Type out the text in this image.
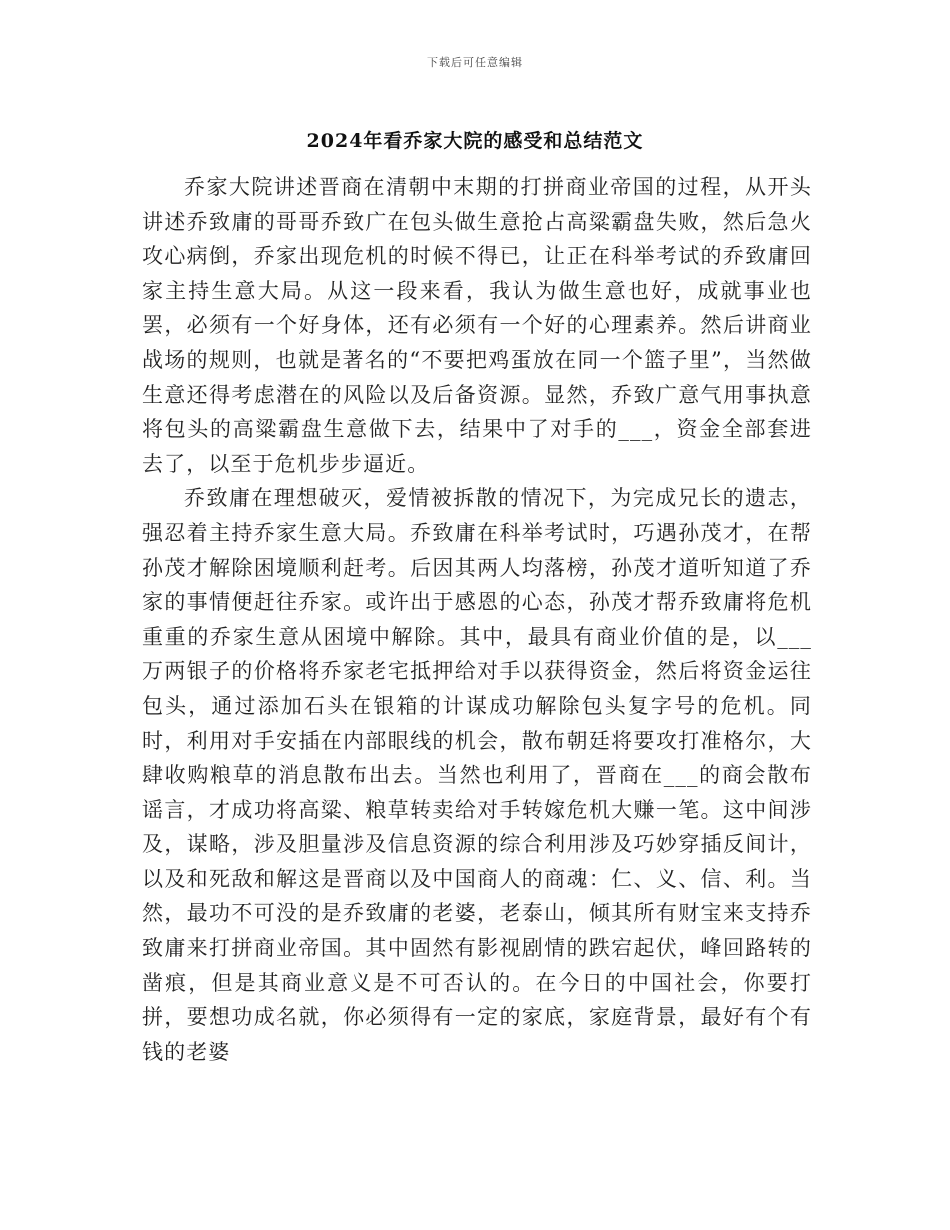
下载后可任意编辑
2024年看乔家大院的感受和总结范文

乔家大院讲述晋商在清朝中末期的打拼商业帝国的过程，从开头讲述乔致庸的哥哥乔致广在包头做生意抢占高粱霸盘失败，然后急火攻心病倒，乔家出现危机的时候不得已，让正在科举考试的乔致庸回家主持生意大局。从这一段来看，我认为做生意也好，成就事业也罢，必须有一个好身体，还有必须有一个好的心理素养。然后讲商业战场的规则，也就是著名的“不要把鸡蛋放在同一个篮子里”，当然做生意还得考虑潜在的风险以及后备资源。显然，乔致广意气用事执意将包头的高粱霸盘生意做下去，结果中了对手的___，资金全部套进去了，以至于危机步步逼近。

乔致庸在理想破灭，爱情被拆散的情况下，为完成兄长的遗志，强忍着主持乔家生意大局。乔致庸在科举考试时，巧遇孙茂才，在帮孙茂才解除困境顺利赶考。后因其两人均落榜，孙茂才道听知道了乔家的事情便赶往乔家。或许出于感恩的心态，孙茂才帮乔致庸将危机重重的乔家生意从困境中解除。其中，最具有商业价值的是，以___万两银子的价格将乔家老宅抵押给对手以获得资金，然后将资金运往包头，通过添加石头在银箱的计谋成功解除包头复字号的危机。同时，利用对手安插在内部眼线的机会，散布朝廷将要攻打准格尔，大肆收购粮草的消息散布出去。当然也利用了，晋商在___的商会散布谣言，才成功将高粱、粮草转卖给对手转嫁危机大赚一笔。这中间涉及，谋略，涉及胆量涉及信息资源的综合利用涉及巧妙穿插反间计，以及和死敌和解这是晋商以及中国商人的商魂：仁、义、信、利。当然，最功不可没的是乔致庸的老婆，老泰山，倾其所有财宝来支持乔致庸来打拼商业帝国。其中固然有影视剧情的跌宕起伏，峰回路转的凿痕，但是其商业意义是不可否认的。在今日的中国社会，你要打拼，要想功成名就，你必须得有一定的家底，家庭背景，最好有个有钱的老婆
